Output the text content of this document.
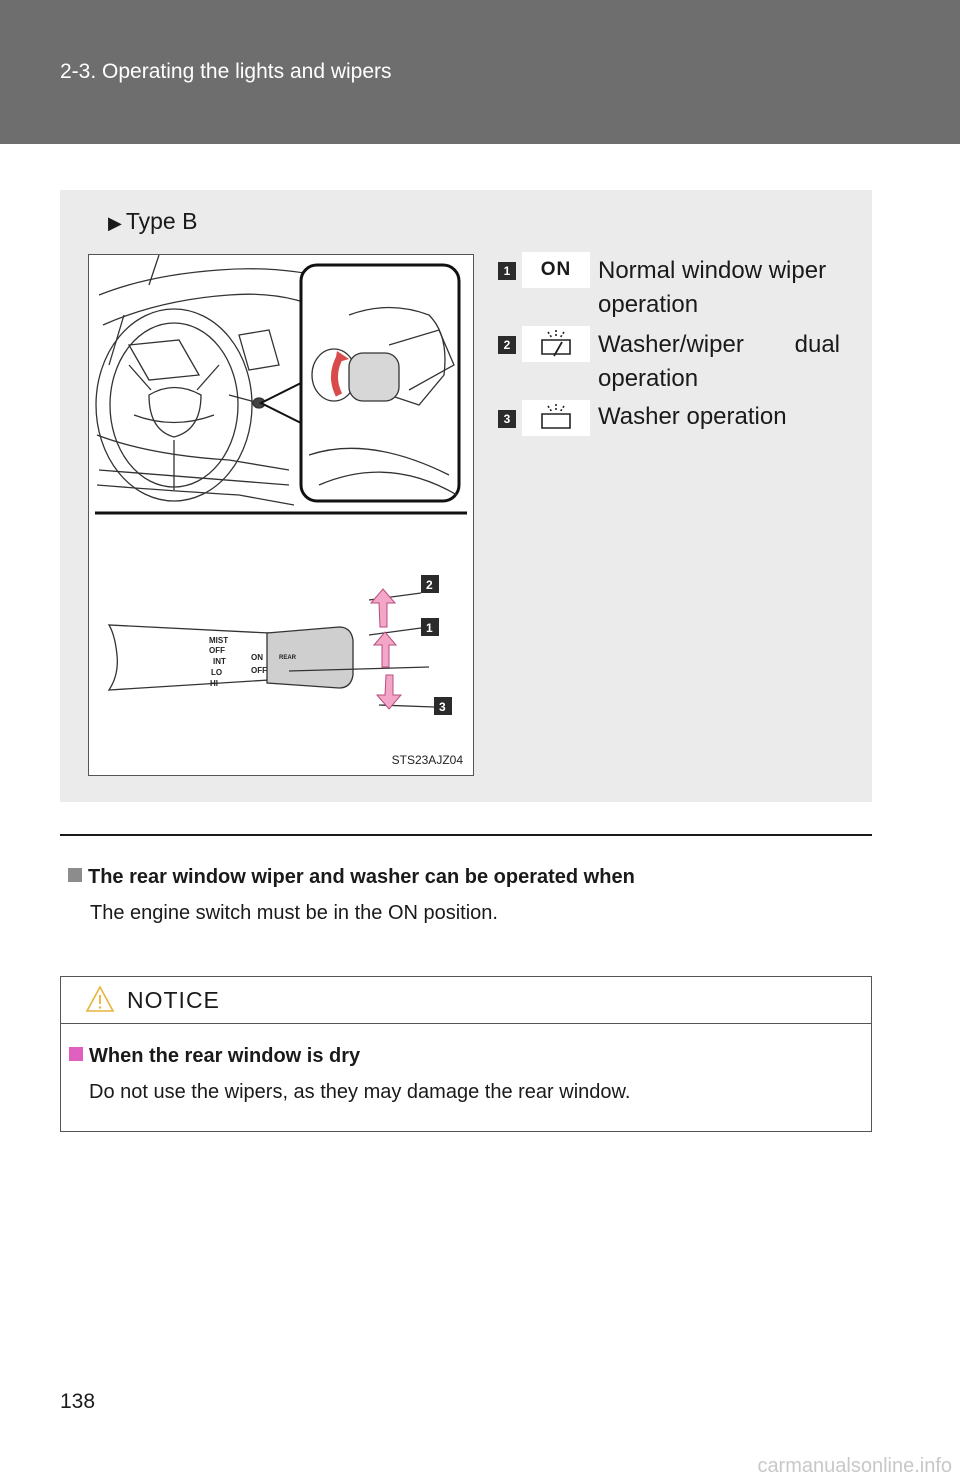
2-3. Operating the lights and wipers
▶ Type B
MIST
OFF
INT
LO
HI
ON
OFF
REAR
2
1
3
STS23AJZ04
1	ON	Normal window wiper operation
2	Washer/wiper dual
operation
3	Washer operation
The rear window wiper and washer can be operated when
The engine switch must be in the ON position.
NOTICE
When the rear window is dry
Do not use the wipers, as they may damage the rear window.
138
carmanualsonline.info
